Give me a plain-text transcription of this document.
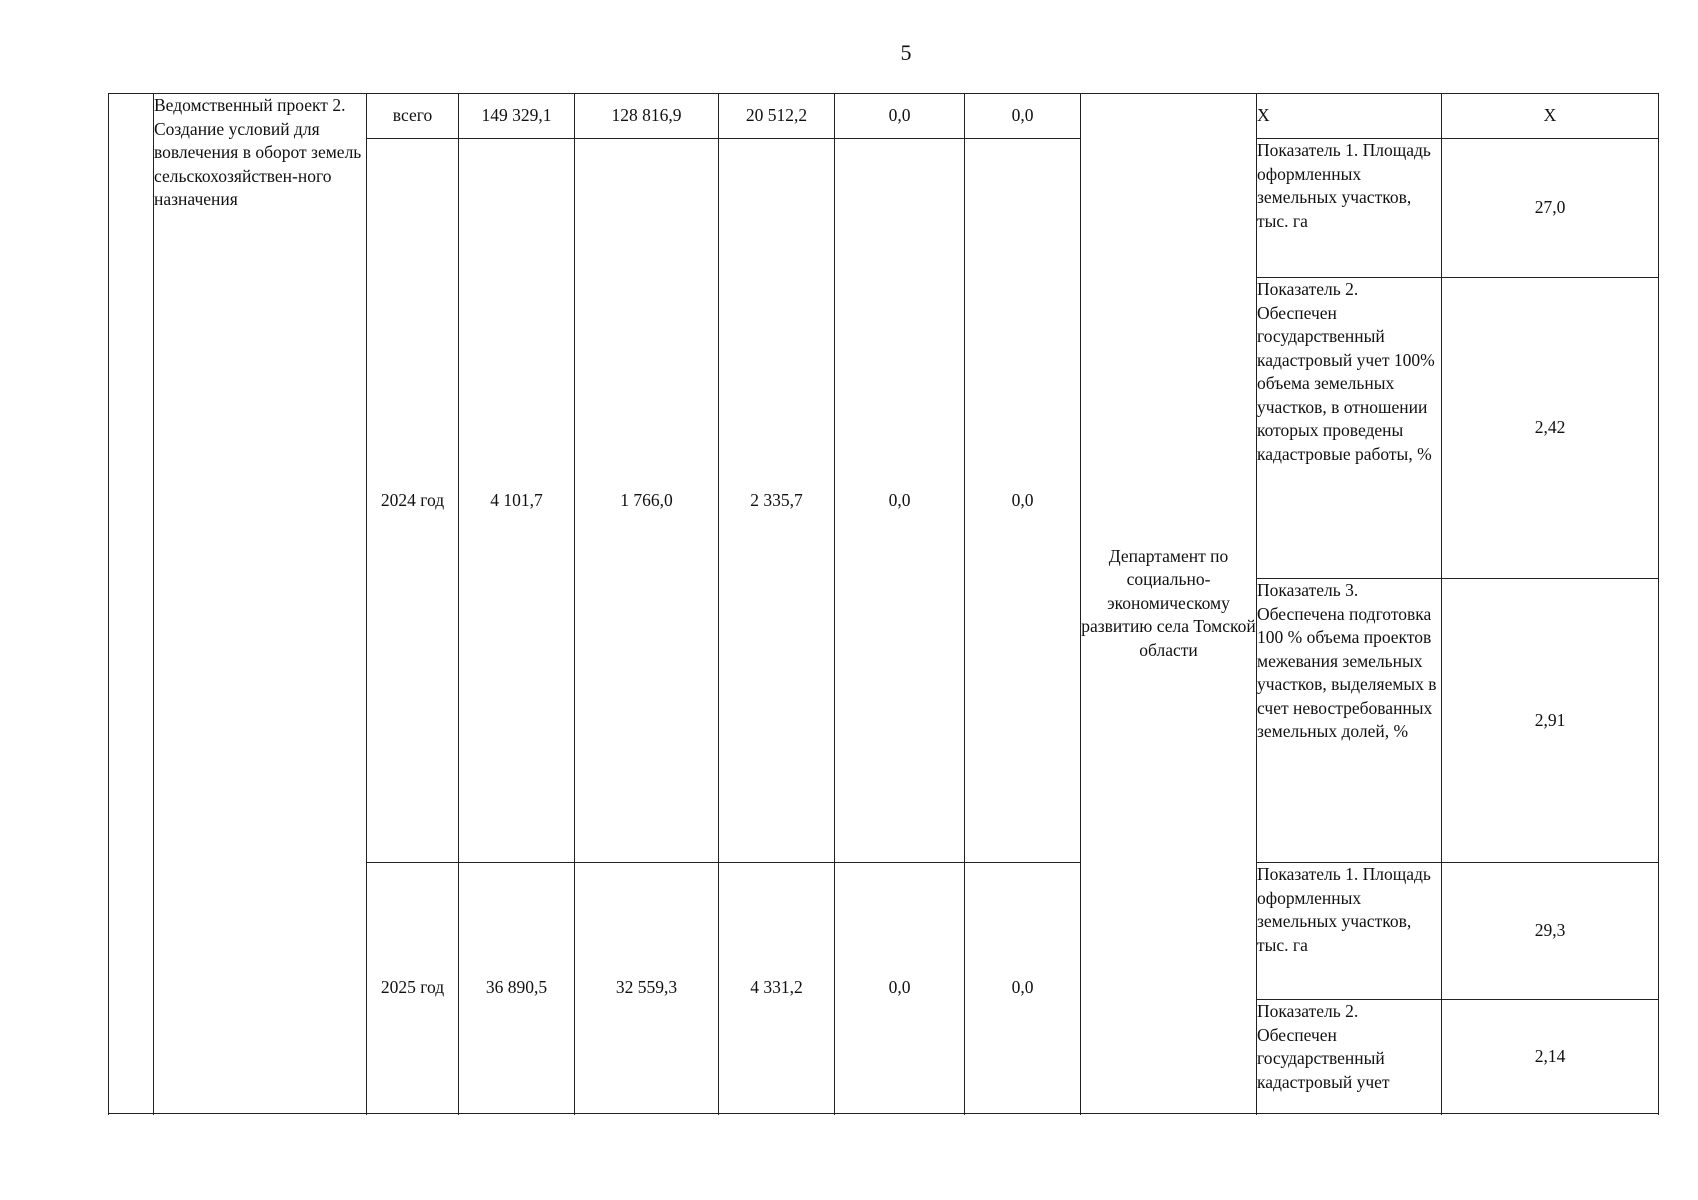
5
	Ведомственный проект 2. Создание условий для вовлечения в оборот земель сельскохозяйствен-ного назначения	всего	149 329,1	128 816,9	20 512,2	0,0	0,0	Департамент по социально-экономическому развитию села Томской области	Х	Х
		2024 год	4 101,7	1 766,0	2 335,7	0,0	0,0		Показатель 1. Площадь оформленных земельных участков, тыс. га	27,0
									Показатель 2. Обеспечен государственный кадастровый учет 100% объема земельных участков, в отношении которых проведены кадастровые работы, %	2,42
									Показатель 3. Обеспечена подготовка 100 % объема проектов межевания земельных участков, выделяемых в счет невостребованных земельных долей, %	2,91
		2025 год	36 890,5	32 559,3	4 331,2	0,0	0,0		Показатель 1. Площадь оформленных земельных участков, тыс. га	29,3
									Показатель 2. Обеспечен государственный кадастровый учет	2,14
